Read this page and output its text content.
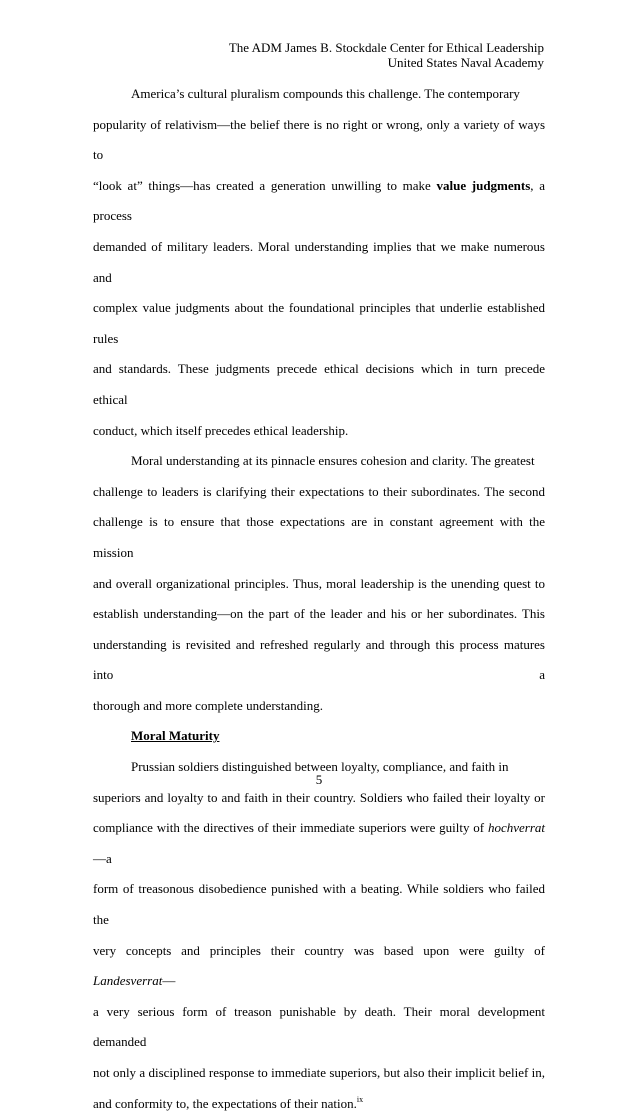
The ADM James B. Stockdale Center for Ethical Leadership
United States Naval Academy
America’s cultural pluralism compounds this challenge. The contemporary
popularity of relativism—the belief there is no right or wrong, only a variety of ways to
“look at” things—has created a generation unwilling to make value judgments, a process
demanded of military leaders. Moral understanding implies that we make numerous and
complex value judgments about the foundational principles that underlie established rules
and standards. These judgments precede ethical decisions which in turn precede ethical
conduct, which itself precedes ethical leadership.
Moral understanding at its pinnacle ensures cohesion and clarity. The greatest
challenge to leaders is clarifying their expectations to their subordinates. The second
challenge is to ensure that those expectations are in constant agreement with the mission
and overall organizational principles. Thus, moral leadership is the unending quest to
establish understanding—on the part of the leader and his or her subordinates. This
understanding is revisited and refreshed regularly and through this process matures into a
thorough and more complete understanding.
Moral Maturity
Prussian soldiers distinguished between loyalty, compliance, and faith in
superiors and loyalty to and faith in their country. Soldiers who failed their loyalty or
compliance with the directives of their immediate superiors were guilty of hochverrat—a
form of treasonous disobedience punished with a beating. While soldiers who failed the
very concepts and principles their country was based upon were guilty of Landesverrat—
a very serious form of treason punishable by death. Their moral development demanded
not only a disciplined response to immediate superiors, but also their implicit belief in,
and conformity to, the expectations of their nation.$^{ix}$
5
